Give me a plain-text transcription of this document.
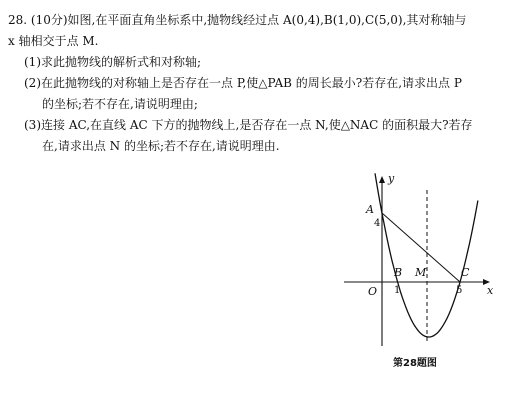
28. (10分)如图,在平面直角坐标系中,抛物线经过点 A(0,4),B(1,0),C(5,0),其对称轴与
x 轴相交于点 M.
(1)求此抛物线的解析式和对称轴;
(2)在此抛物线的对称轴上是否存在一点 P,使△PAB 的周长最小?若存在,请求出点 P
的坐标;若不存在,请说明理由;
(3)连接 AC,在直线 AC 下方的抛物线上,是否存在一点 N,使△NAC 的面积最大?若存
在,请求出点 N 的坐标;若不存在,请说明理由.
y
x
O
A
4
B M	C
1	5
第28题图
